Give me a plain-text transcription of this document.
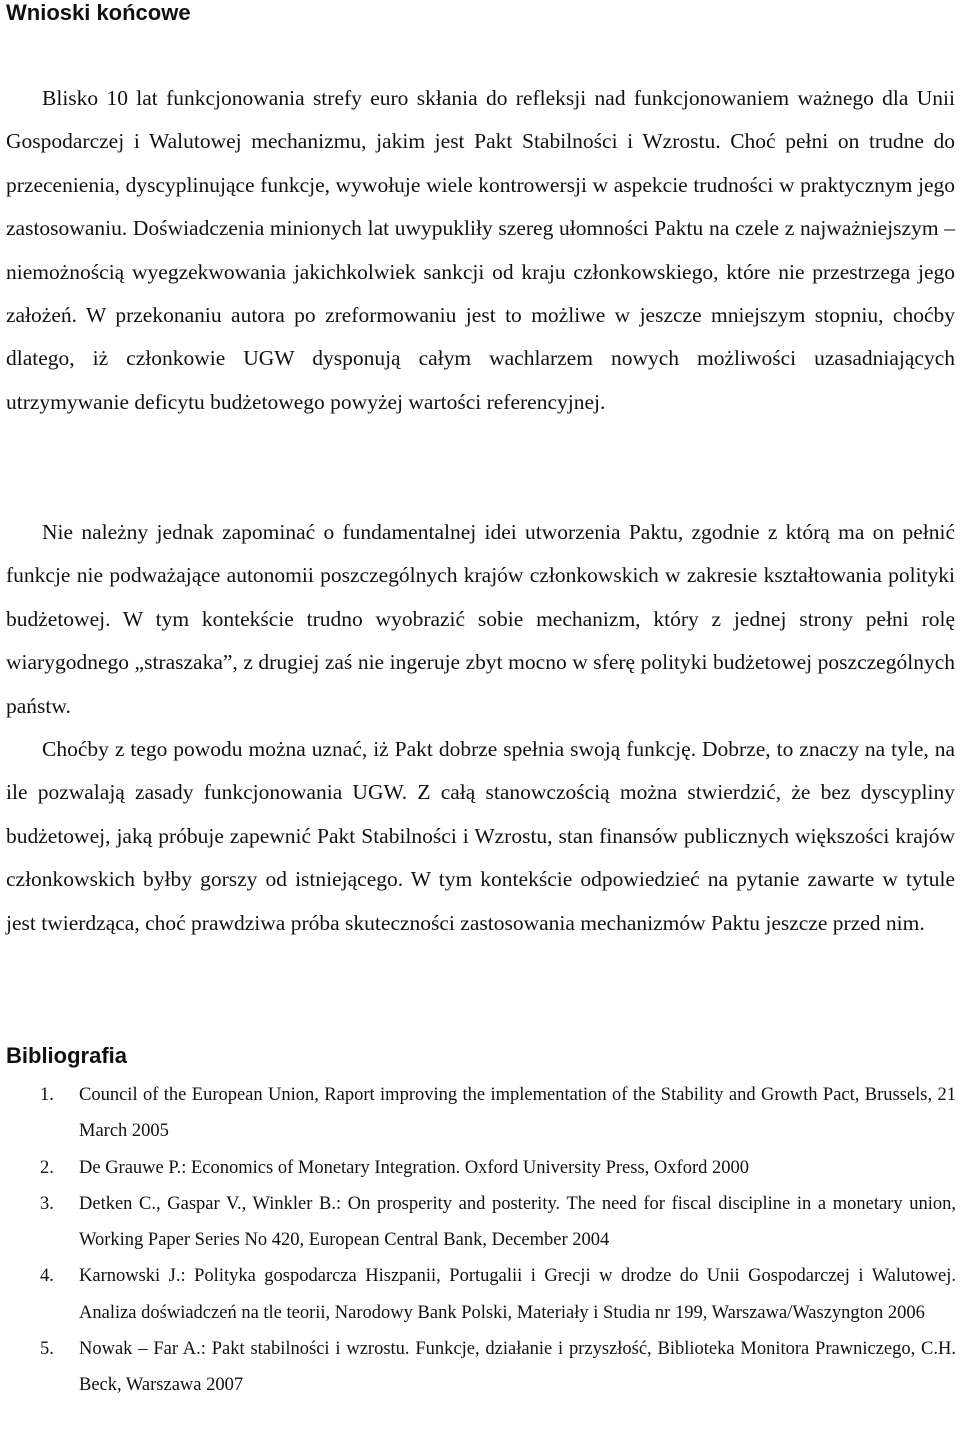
Wnioski końcowe

Blisko 10 lat funkcjonowania strefy euro skłania do refleksji nad funkcjonowaniem ważnego dla Unii Gospodarczej i Walutowej mechanizmu, jakim jest Pakt Stabilności i Wzrostu. Choć pełni on trudne do przecenienia, dyscyplinujące funkcje, wywołuje wiele kontrowersji w aspekcie trudności w praktycznym jego zastosowaniu. Doświadczenia minionych lat uwypukliły szereg ułomności Paktu na czele z najważniejszym – niemożnością wyegzekwowania jakichkolwiek sankcji od kraju członkowskiego, które nie przestrzega jego założeń. W przekonaniu autora po zreformowaniu jest to możliwe w jeszcze mniejszym stopniu, choćby dlatego, iż członkowie UGW dysponują całym wachlarzem nowych możliwości uzasadniających utrzymywanie deficytu budżetowego powyżej wartości referencyjnej.

Nie należny jednak zapominać o fundamentalnej idei utworzenia Paktu, zgodnie z którą ma on pełnić funkcje nie podważające autonomii poszczególnych krajów członkowskich w zakresie kształtowania polityki budżetowej. W tym kontekście trudno wyobrazić sobie mechanizm, który z jednej strony pełni rolę wiarygodnego „straszaka”, z drugiej zaś nie ingeruje zbyt mocno w sferę polityki budżetowej poszczególnych państw.

Choćby z tego powodu można uznać, iż Pakt dobrze spełnia swoją funkcję. Dobrze, to znaczy na tyle, na ile pozwalają zasady funkcjonowania UGW. Z całą stanowczością można stwierdzić, że bez dyscypliny budżetowej, jaką próbuje zapewnić Pakt Stabilności i Wzrostu, stan finansów publicznych większości krajów członkowskich byłby gorszy od istniejącego. W tym kontekście odpowiedzieć na pytanie zawarte w tytule jest twierdząca, choć prawdziwa próba skuteczności zastosowania mechanizmów Paktu jeszcze przed nim.

Bibliografia
1. Council of the European Union, Raport improving the implementation of the Stability and Growth Pact, Brussels, 21 March 2005
2. De Grauwe P.: Economics of Monetary Integration. Oxford University Press, Oxford 2000
3. Detken C., Gaspar V., Winkler B.: On prosperity and posterity. The need for fiscal discipline in a monetary union, Working Paper Series No 420, European Central Bank, December 2004
4. Karnowski J.: Polityka gospodarcza Hiszpanii, Portugalii i Grecji w drodze do Unii Gospodarczej i Walutowej. Analiza doświadczeń na tle teorii, Narodowy Bank Polski, Materiały i Studia nr 199, Warszawa/Waszyngton 2006
5. Nowak – Far A.: Pakt stabilności i wzrostu. Funkcje, działanie i przyszłość, Biblioteka Monitora Prawniczego, C.H. Beck, Warszawa 2007
